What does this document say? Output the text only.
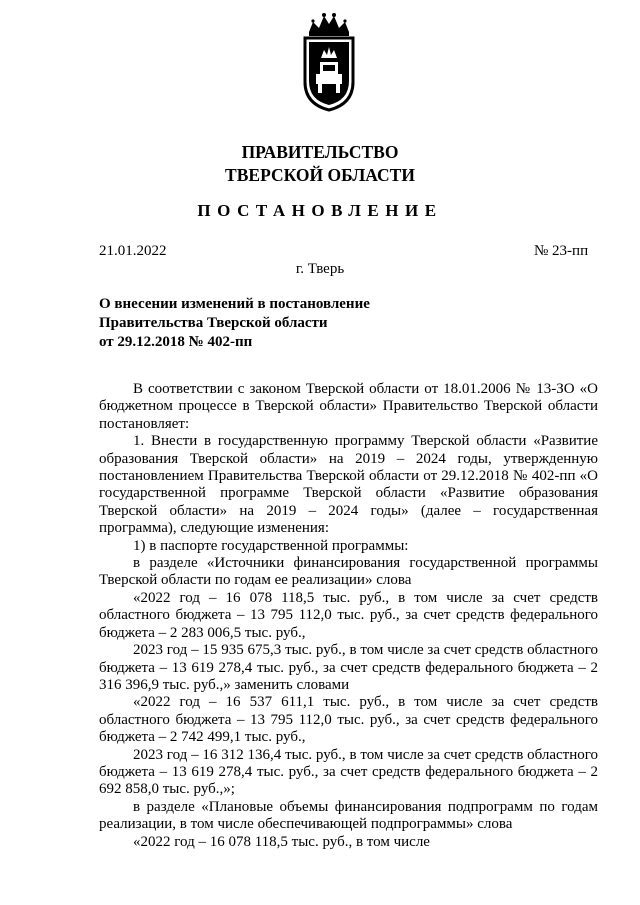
ПРАВИТЕЛЬСТВО
ТВЕРСКОЙ ОБЛАСТИ
ПОСТАНОВЛЕНИЕ
21.01.2022	№ 23-пп
г. Тверь
О внесении изменений в постановление
Правительства Тверской области
от 29.12.2018 № 402-пп

В соответствии с законом Тверской области от 18.01.2006 № 13-ЗО «О бюджетном процессе в Тверской области» Правительство Тверской области постановляет:

1. Внести в государственную программу Тверской области «Развитие образования Тверской области» на 2019 – 2024 годы, утвержденную постановлением Правительства Тверской области от 29.12.2018 № 402-пп «О государственной программе Тверской области «Развитие образования Тверской области» на 2019 – 2024 годы» (далее – государственная программа), следующие изменения:

1) в паспорте государственной программы:

в разделе «Источники финансирования государственной программы Тверской области по годам ее реализации» слова

«2022 год – 16 078 118,5 тыс. руб., в том числе за счет средств областного бюджета – 13 795 112,0 тыс. руб., за счет средств федерального бюджета – 2 283 006,5 тыс. руб.,

2023 год – 15 935 675,3 тыс. руб., в том числе за счет средств областного бюджета – 13 619 278,4 тыс. руб., за счет средств федерального бюджета – 2 316 396,9 тыс. руб.,» заменить словами

«2022 год – 16 537 611,1 тыс. руб., в том числе за счет средств областного бюджета – 13 795 112,0 тыс. руб., за счет средств федерального бюджета – 2 742 499,1 тыс. руб.,

2023 год – 16 312 136,4 тыс. руб., в том числе за счет средств областного бюджета – 13 619 278,4 тыс. руб., за счет средств федерального бюджета – 2 692 858,0 тыс. руб.,»;

в разделе «Плановые объемы финансирования подпрограмм по годам реализации, в том числе обеспечивающей подпрограммы» слова

«2022 год – 16 078 118,5 тыс. руб., в том числе
